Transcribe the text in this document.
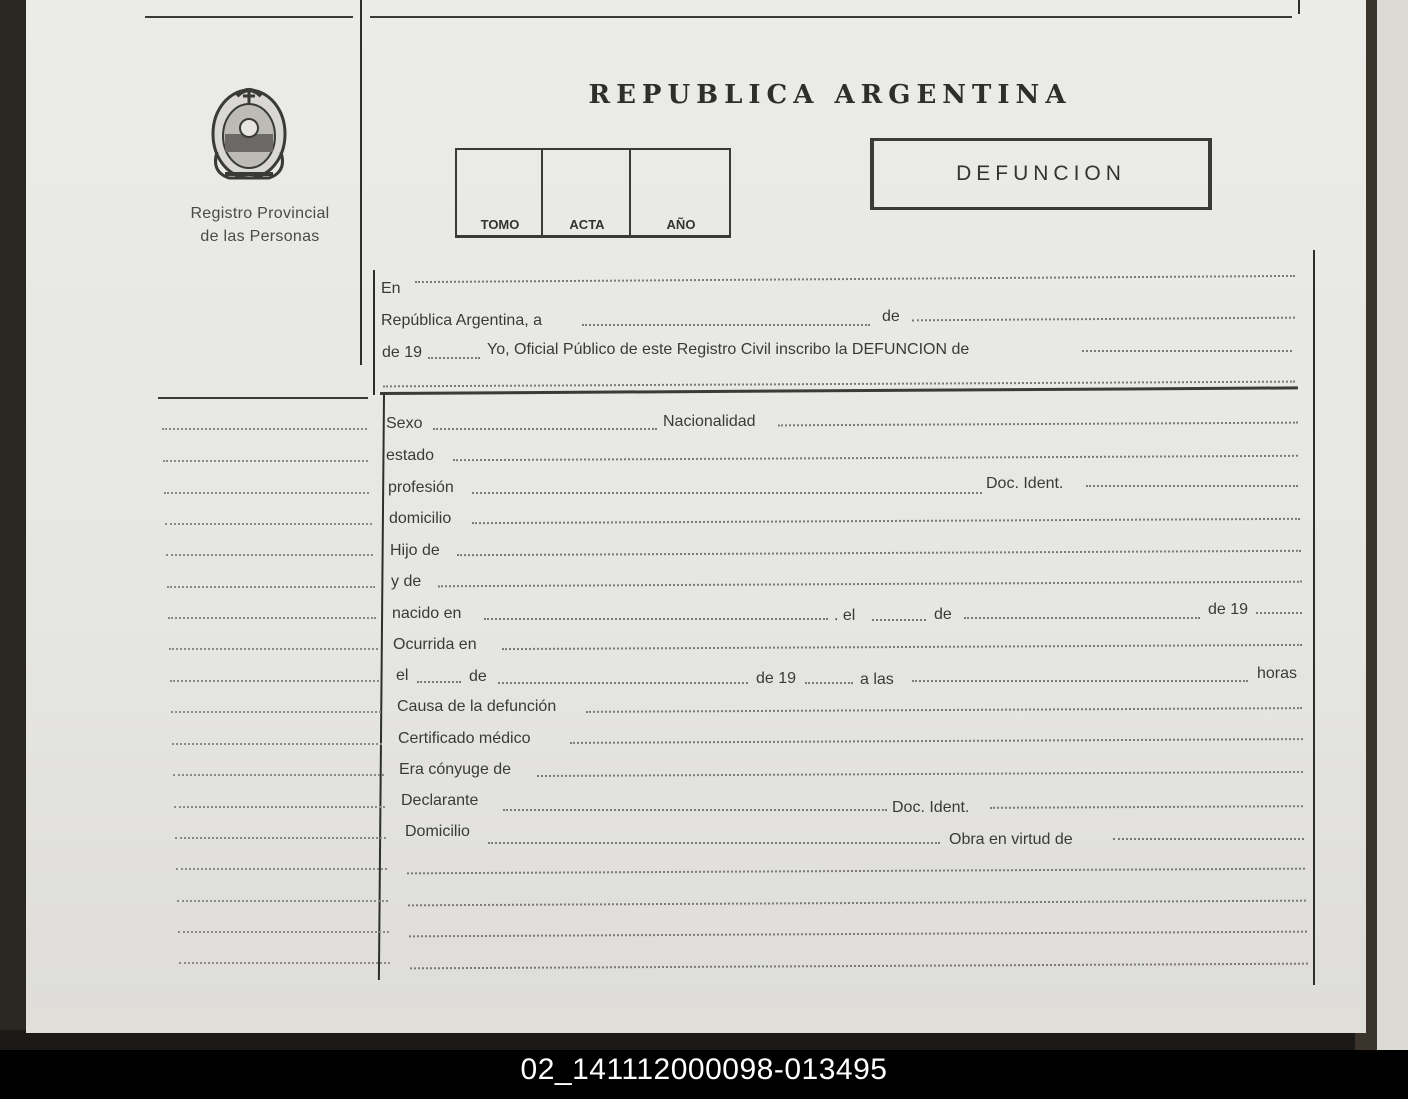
Registro Provincial
de las Personas
REPUBLICA ARGENTINA
TOMO	ACTA	AÑO
DEFUNCION
En
República Argentina, a	de
de 19	Yo, Oficial Público de este Registro Civil inscribo la DEFUNCION de
Sexo	Nacionalidad
estado
profesión	Doc. Ident.
domicilio
Hijo de
y de
nacido en	. el	de	de 19
Ocurrida en
el	de	de 19	a las	horas
Causa de la defunción
Certificado médico
Era cónyuge de
Declarante	Doc. Ident.
Domicilio	Obra en virtud de
02_141112000098-013495
